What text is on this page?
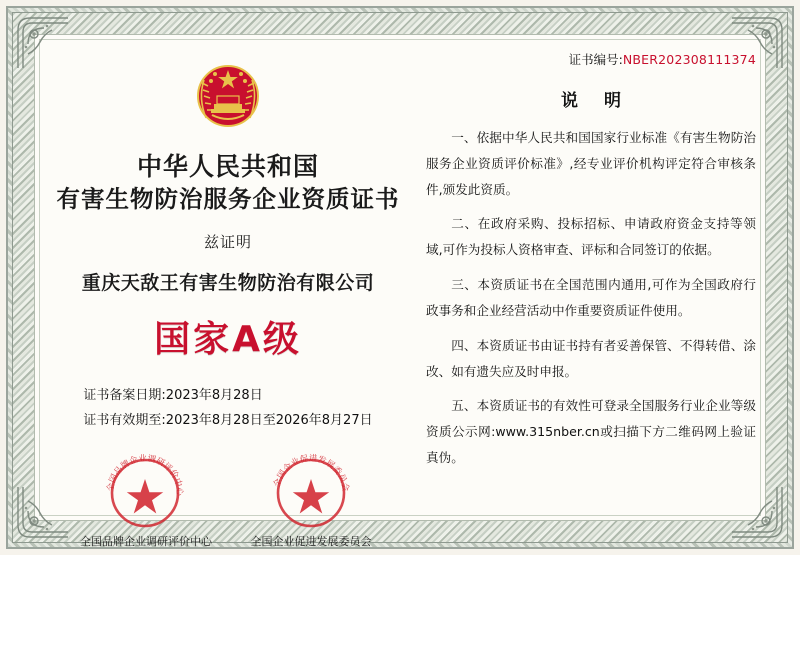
中华人民共和国
有害生物防治服务企业资质证书
兹证明
重庆天敌王有害生物防治有限公司
国家A级
证书备案日期:2023年8月28日
证书有效期至:2023年8月28日至2026年8月27日
全国品牌企业调研评价中心
全国品牌企业调研评价中心
全国企业促进发展委员会
全国企业促进发展委员会
证书编号:NBER202308111374
说 明
一、依据中华人民共和国国家行业标准《有害生物防治服务企业资质评价标准》,经专业评价机构评定符合审核条件,颁发此资质。
二、在政府采购、投标招标、申请政府资金支持等领域,可作为投标人资格审查、评标和合同签订的依据。
三、本资质证书在全国范围内通用,可作为全国政府行政事务和企业经营活动中作重要资质证件使用。
四、本资质证书由证书持有者妥善保管、不得转借、涂改、如有遗失应及时申报。
五、本资质证书的有效性可登录全国服务行业企业等级资质公示网:www.315nber.cn或扫描下方二维码网上验证真伪。
